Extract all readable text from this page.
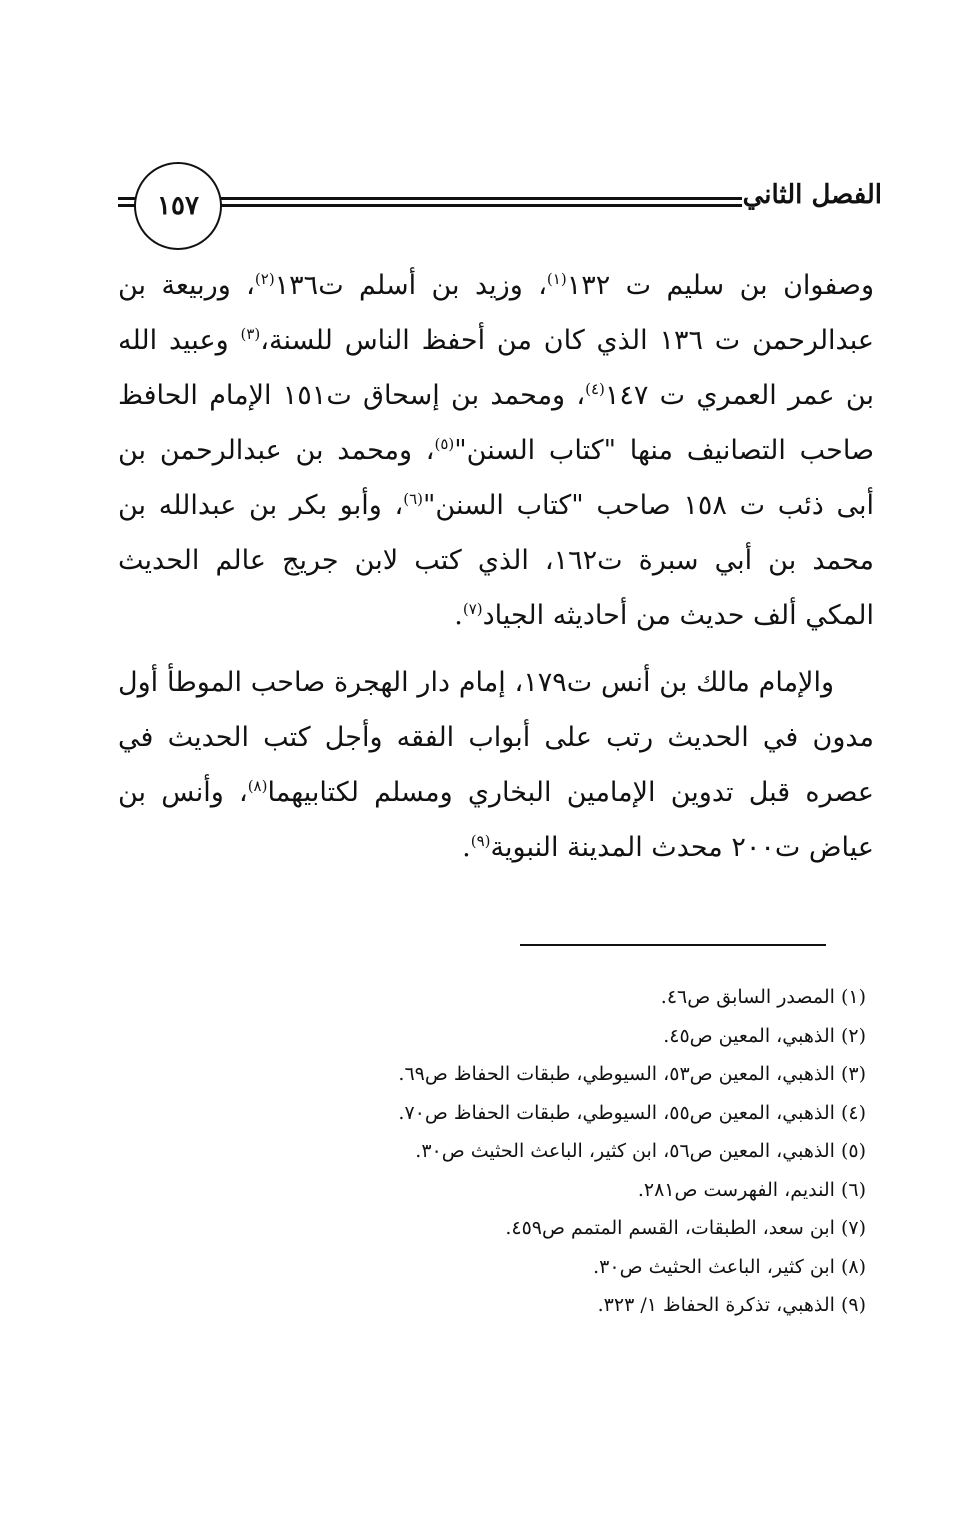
١٥٧	الفصل الثاني

وصفوان بن سليم ت ١٣٢$^{(١)}$، وزيد بن أسلم ت١٣٦$^{(٢)}$، وربيعة بن عبدالرحمن ت ١٣٦ الذي كان من أحفظ الناس للسنة،$^{(٣)}$ وعبيد الله بن عمر العمري ت ١٤٧$^{(٤)}$، ومحمد بن إسحاق ت١٥١ الإمام الحافظ صاحب التصانيف منها "كتاب السنن"$^{(٥)}$، ومحمد بن عبدالرحمن بن أبى ذئب ت ١٥٨ صاحب "كتاب السنن"$^{(٦)}$، وأبو بكر بن عبدالله بن محمد بن أبي سبرة ت١٦٢، الذي كتب لابن جريج عالم الحديث المكي ألف حديث من أحاديثه الجياد$^{(٧)}$.

والإمام مالك بن أنس ت١٧٩، إمام دار الهجرة صاحب الموطأ أول مدون في الحديث رتب على أبواب الفقه وأجل كتب الحديث في عصره قبل تدوين الإمامين البخاري ومسلم لكتابيهما$^{(٨)}$، وأنس بن عياض ت٢٠٠ محدث المدينة النبوية$^{(٩)}$.

(١) المصدر السابق ص٤٦.
(٢) الذهبي، المعين ص٤٥.
(٣) الذهبي، المعين ص٥٣، السيوطي، طبقات الحفاظ ص٦٩.
(٤) الذهبي، المعين ص٥٥، السيوطي، طبقات الحفاظ ص٧٠.
(٥) الذهبي، المعين ص٥٦، ابن كثير، الباعث الحثيث ص٣٠.
(٦) النديم، الفهرست ص٢٨١.
(٧) ابن سعد، الطبقات، القسم المتمم ص٤٥٩.
(٨) ابن كثير، الباعث الحثيث ص٣٠.
(٩) الذهبي، تذكرة الحفاظ ١/ ٣٢٣.
